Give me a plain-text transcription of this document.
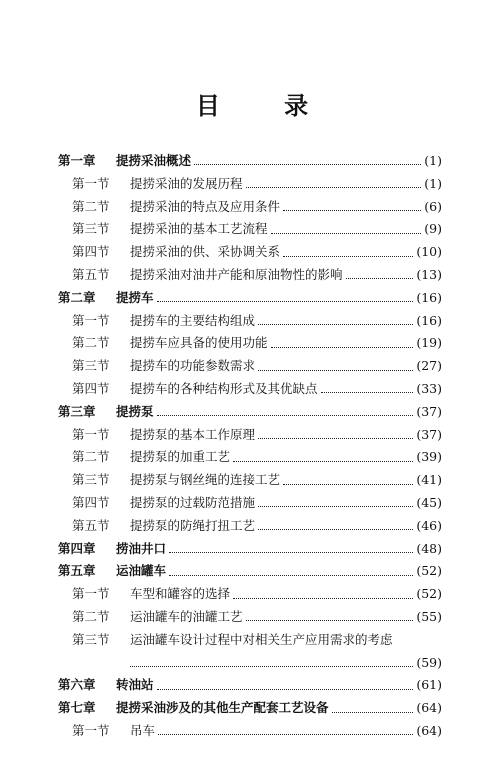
目 录
第一章	提捞采油概述	(1)
第一节	提捞采油的发展历程	(1)
第二节	提捞采油的特点及应用条件	(6)
第三节	提捞采油的基本工艺流程	(9)
第四节	提捞采油的供、采协调关系	(10)
第五节	提捞采油对油井产能和原油物性的影响	(13)
第二章	提捞车	(16)
第一节	提捞车的主要结构组成	(16)
第二节	提捞车应具备的使用功能	(19)
第三节	提捞车的功能参数需求	(27)
第四节	提捞车的各种结构形式及其优缺点	(33)
第三章	提捞泵	(37)
第一节	提捞泵的基本工作原理	(37)
第二节	提捞泵的加重工艺	(39)
第三节	提捞泵与钢丝绳的连接工艺	(41)
第四节	提捞泵的过载防范措施	(45)
第五节	提捞泵的防绳打扭工艺	(46)
第四章	捞油井口	(48)
第五章	运油罐车	(52)
第一节	车型和罐容的选择	(52)
第二节	运油罐车的油罐工艺	(55)
第三节	运油罐车设计过程中对相关生产应用需求的考虑
(59)
第六章	转油站	(61)
第七章	提捞采油涉及的其他生产配套工艺设备	(64)
第一节	吊车	(64)
